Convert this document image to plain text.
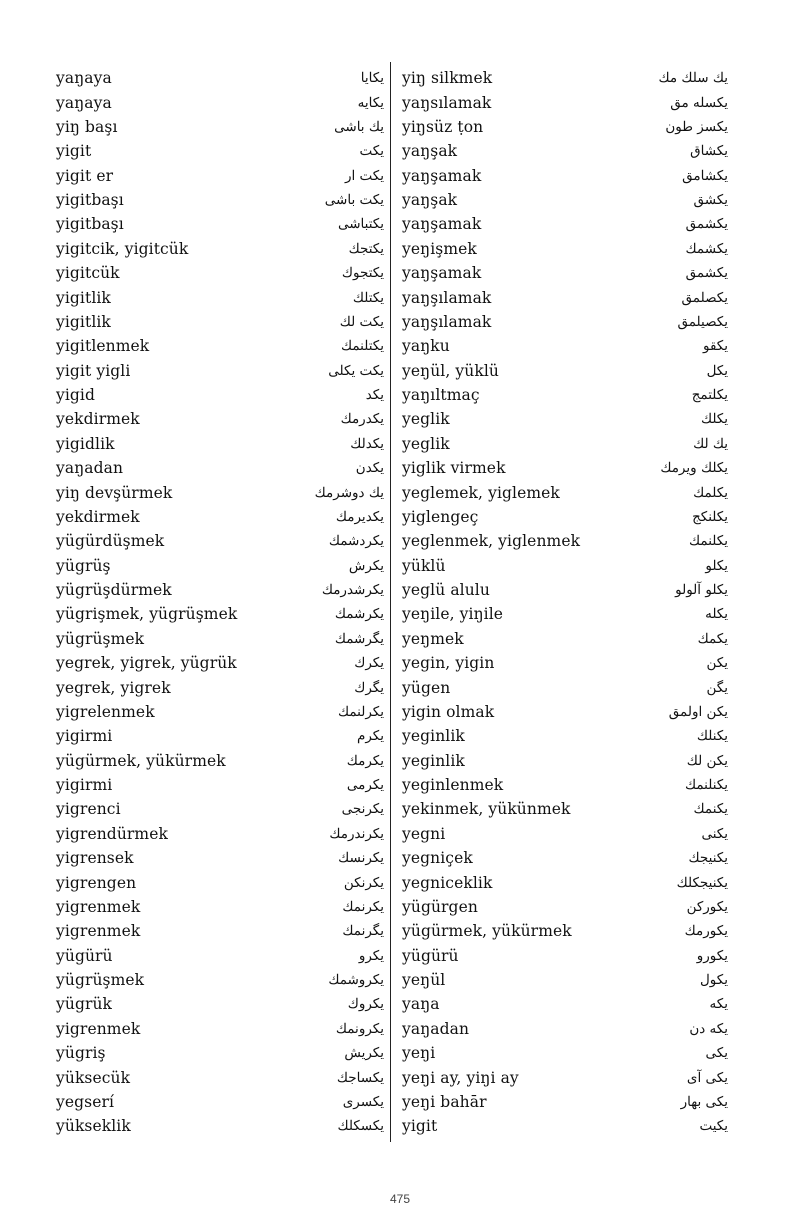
yaŋaya	يكايا
yaŋaya	يكايه
yiŋ başı	يك باشى
yigit	يكت
yigit er	يكت ار
yigitbaşı	يكت باشى
yigitbaşı	يكتباشى
yigitcik, yigitcük	يكتجك
yigitcük	يكتجوك
yigitlik	يكتلك
yigitlik	يكت لك
yigitlenmek	يكتلنمك
yigit yigli	يكت يكلى
yigid	يكد
yekdirmek	يكدرمك
yigidlik	يكدلك
yaŋadan	يكدن
yiŋ devşürmek	يك دوشرمك
yekdirmek	يكديرمك
yügürdüşmek	يكردشمك
yügrüş	يكرش
yügrüşdürmek	يكرشدرمك
yügrişmek, yügrüşmek	يكرشمك
yügrüşmek	يگرشمك
yegrek, yigrek, yügrük	يكرك
yegrek, yigrek	يگرك
yigrelenmek	يكرلنمك
yigirmi	يكرم
yügürmek, yükürmek	يكرمك
yigirmi	يكرمى
yigrenci	يكرنجى
yigrendürmek	يكرندرمك
yigrensek	يكرنسك
yigrengen	يكرنكن
yigrenmek	يكرنمك
yigrenmek	يگرنمك
yügürü	يكرو
yügrüşmek	يكروشمك
yügrük	يكروك
yigrenmek	يكرونمك
yügriş	يكريش
yüksecük	يكساجك
yegserí	يكسرى
yükseklik	يكسكلك
yiŋ silkmek	يك سلك مك
yaŋsılamak	يكسله مق
yiŋsüz ṭon	يكسز طون
yaŋşak	يكشاق
yaŋşamak	يكشامق
yaŋşak	يكشق
yaŋşamak	يكشمق
yeŋişmek	يكشمك
yaŋşamak	يكشمق
yaŋşılamak	يكصلمق
yaŋşılamak	يكصيلمق
yaŋku	يكقو
yeŋül, yüklü	يكل
yaŋıltmaç	يكلتمج
yeglik	يكلك
yeglik	يك لك
yiglik virmek	يكلك ويرمك
yeglemek, yiglemek	يكلمك
yiglengeç	يكلنكج
yeglenmek, yiglenmek	يكلنمك
yüklü	يكلو
yeglü alulu	يكلو آلولو
yeŋile, yiŋile	يكله
yeŋmek	يكمك
yegin, yigin	يكن
yügen	يگن
yigin olmak	يكن اولمق
yeginlik	يكنلك
yeginlik	يكن لك
yeginlenmek	يكنلنمك
yekinmek, yükünmek	يكنمك
yegni	يكنى
yegniçek	يكنيجك
yegniceklik	يكنيجكلك
yügürgen	يكوركن
yügürmek, yükürmek	يكورمك
yügürü	يكورو
yeŋül	يكول
yaŋa	يكه
yaŋadan	يكه دن
yeŋi	يكى
yeŋi ay, yiŋi ay	يكى آى
yeŋi bahār	يكى بهار
yigit	يكيت
475
